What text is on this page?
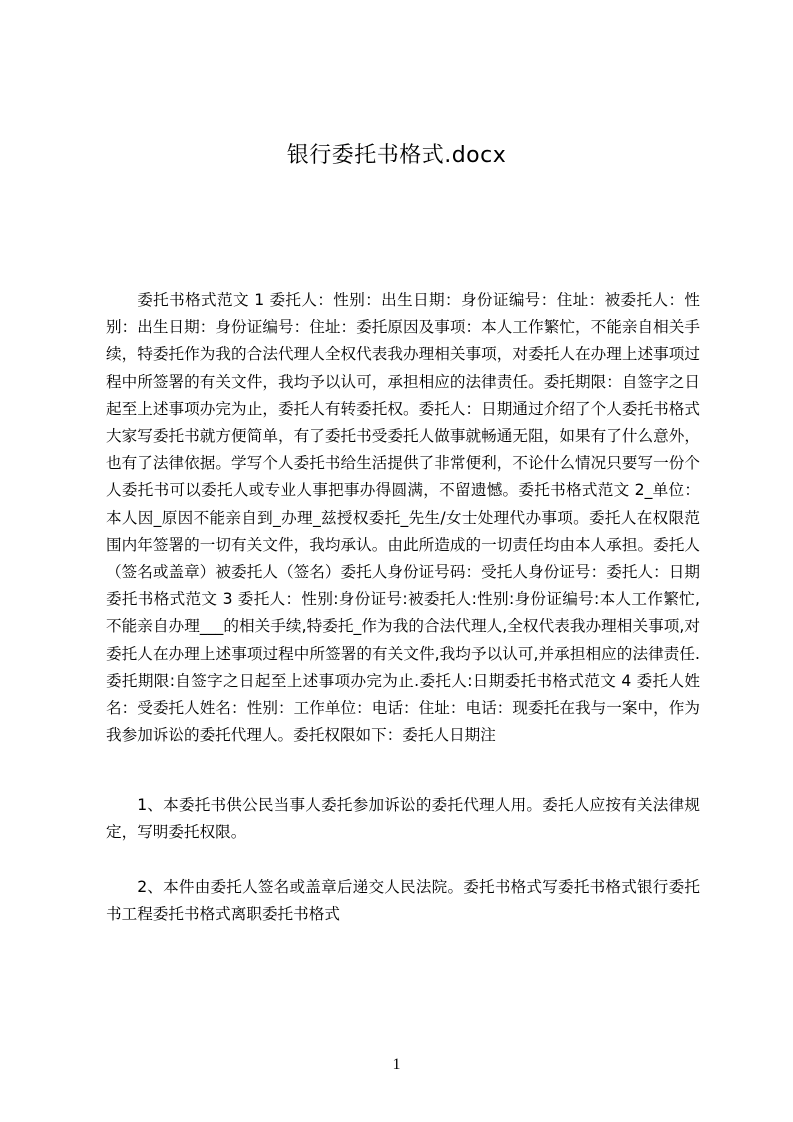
银行委托书格式.docx

委托书格式范文 1 委托人：性别：出生日期：身份证编号：住址：被委托人：性别：出生日期：身份证编号：住址：委托原因及事项：本人工作繁忙，不能亲自相关手续，特委托作为我的合法代理人全权代表我办理相关事项，对委托人在办理上述事项过程中所签署的有关文件，我均予以认可，承担相应的法律责任。委托期限：自签字之日起至上述事项办完为止，委托人有转委托权。委托人：日期通过介绍了个人委托书格式大家写委托书就方便简单，有了委托书受委托人做事就畅通无阻，如果有了什么意外，也有了法律依据。学写个人委托书给生活提供了非常便利，不论什么情况只要写一份个人委托书可以委托人或专业人事把事办得圆满，不留遗憾。委托书格式范文 2_单位：本人因_原因不能亲自到_办理_兹授权委托_先生/女士处理代办事项。委托人在权限范围内年签署的一切有关文件，我均承认。由此所造成的一切责任均由本人承担。委托人（签名或盖章）被委托人（签名）委托人身份证号码：受托人身份证号：委托人：日期委托书格式范文 3 委托人：性别:身份证号:被委托人:性别:身份证编号:本人工作繁忙,不能亲自办理___的相关手续,特委托_作为我的合法代理人,全权代表我办理相关事项,对委托人在办理上述事项过程中所签署的有关文件,我均予以认可,并承担相应的法律责任.委托期限:自签字之日起至上述事项办完为止.委托人:日期委托书格式范文 4 委托人姓名：受委托人姓名：性别：工作单位：电话：住址：电话：现委托在我与一案中，作为我参加诉讼的委托代理人。委托权限如下：委托人日期注

1、本委托书供公民当事人委托参加诉讼的委托代理人用。委托人应按有关法律规定，写明委托权限。

2、本件由委托人签名或盖章后递交人民法院。委托书格式写委托书格式银行委托书工程委托书格式离职委托书格式

1
